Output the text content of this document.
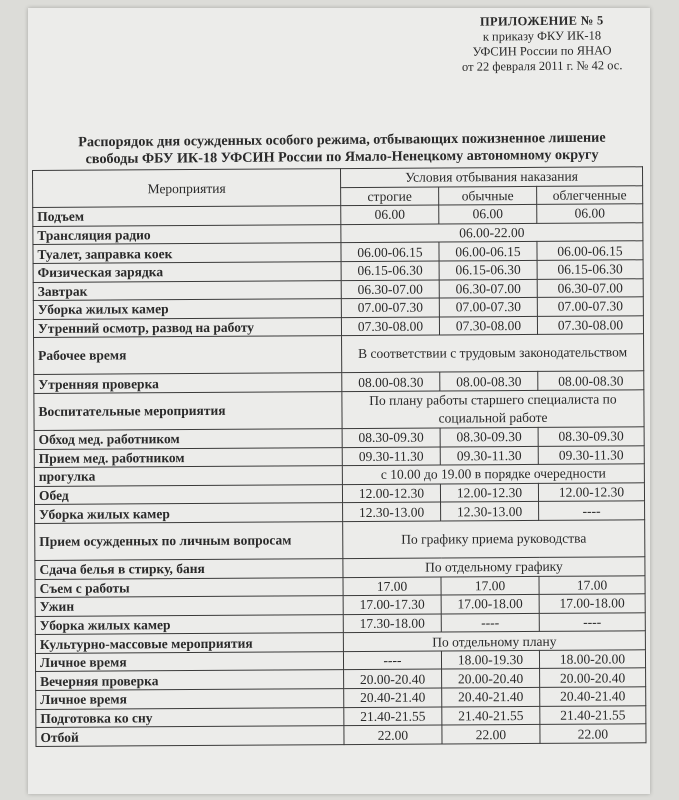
ПРИЛОЖЕНИЕ № 5
к приказу ФКУ ИК-18
УФСИН России по ЯНАО
от 22 февраля 2011 г. № 42 ос.
Распорядок дня осужденных особого режима, отбывающих пожизненное лишение
свободы ФБУ ИК-18 УФСИН России по Ямало-Ненецкому автономному округу
Мероприятия	Условия отбывания наказания		
	строгие	обычные	облегченные
Подъем	06.00	06.00	06.00
Трансляция радио	06.00-22.00		
Туалет, заправка коек	06.00-06.15	06.00-06.15	06.00-06.15
Физическая зарядка	06.15-06.30	06.15-06.30	06.15-06.30
Завтрак	06.30-07.00	06.30-07.00	06.30-07.00
Уборка жилых камер	07.00-07.30	07.00-07.30	07.00-07.30
Утренний осмотр, развод на работу	07.30-08.00	07.30-08.00	07.30-08.00
Рабочее время	В соответствии с трудовым законодательством		
Утренняя проверка	08.00-08.30	08.00-08.30	08.00-08.30
Воспитательные мероприятия	По плану работы старшего специалиста по социальной работе		
Обход мед. работником	08.30-09.30	08.30-09.30	08.30-09.30
Прием мед. работником	09.30-11.30	09.30-11.30	09.30-11.30
прогулка	с 10.00 до 19.00 в порядке очередности		
Обед	12.00-12.30	12.00-12.30	12.00-12.30
Уборка жилых камер	12.30-13.00	12.30-13.00	----
Прием осужденных по личным вопросам	По графику приема руководства		
Сдача белья в стирку, баня	По отдельному графику		
Съем с работы	17.00	17.00	17.00
Ужин	17.00-17.30	17.00-18.00	17.00-18.00
Уборка жилых камер	17.30-18.00	----	----
Культурно-массовые мероприятия	По отдельному плану		
Личное время	----	18.00-19.30	18.00-20.00
Вечерняя проверка	20.00-20.40	20.00-20.40	20.00-20.40
Личное время	20.40-21.40	20.40-21.40	20.40-21.40
Подготовка ко сну	21.40-21.55	21.40-21.55	21.40-21.55
Отбой	22.00	22.00	22.00
